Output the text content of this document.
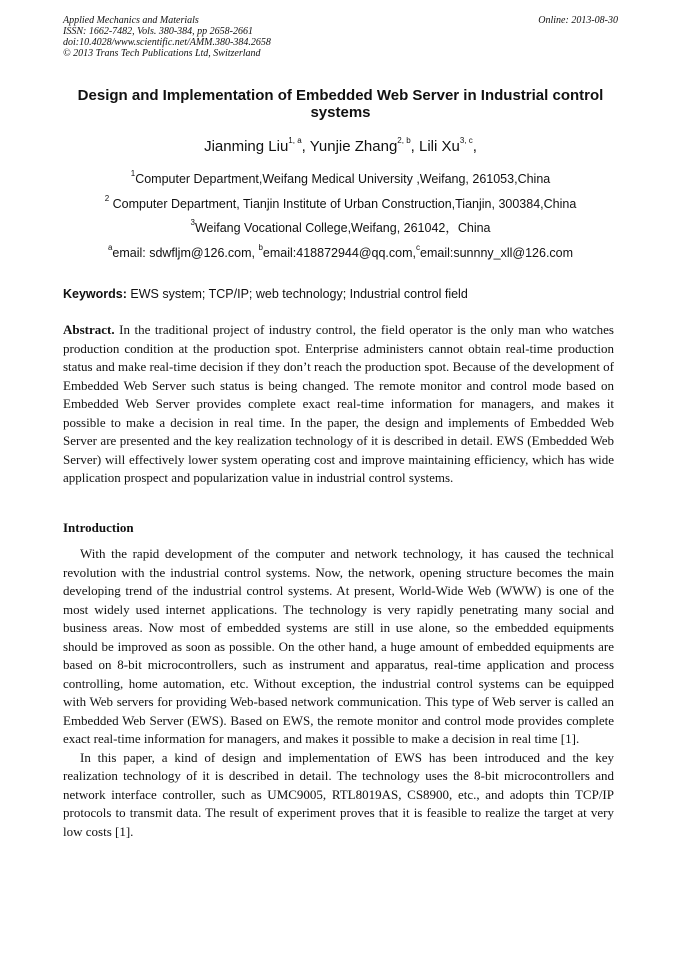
Applied Mechanics and Materials
ISSN: 1662-7482, Vols. 380-384, pp 2658-2661
doi:10.4028/www.scientific.net/AMM.380-384.2658
© 2013 Trans Tech Publications Ltd, Switzerland
Online: 2013-08-30
Design and Implementation of Embedded Web Server in Industrial control systems
Jianming Liu$^{1, a}$, Yunjie Zhang$^{2, b}$, Lili Xu$^{3, c}$,
$^1$Computer Department,Weifang Medical University ,Weifang, 261053,China
$^2$ Computer Department, Tianjin Institute of Urban Construction,Tianjin, 300384,China
$^3$Weifang Vocational College,Weifang, 261042，China
$^a$email: sdwfljm@126.com, $^b$email:418872944@qq.com,$^c$email:sunnny_xll@126.com
Keywords: EWS system; TCP/IP; web technology; Industrial control field
Abstract. In the traditional project of industry control, the field operator is the only man who watches production condition at the production spot. Enterprise administers cannot obtain real-time production status and make real-time decision if they don’t reach the production spot. Because of the development of Embedded Web Server such status is being changed. The remote monitor and control mode based on Embedded Web Server provides complete exact real-time information for managers, and makes it possible to make a decision in real time. In the paper, the design and implements of Embedded Web Server are presented and the key realization technology of it is described in detail. EWS (Embedded Web Server) will effectively lower system operating cost and improve maintaining efficiency, which has wide application prospect and popularization value in industrial control systems.
Introduction

With the rapid development of the computer and network technology, it has caused the technical revolution with the industrial control systems. Now, the network, opening structure becomes the main developing trend of the industrial control systems. At present, World-Wide Web (WWW) is one of the most widely used internet applications. The technology is very rapidly penetrating many social and business areas. Now most of embedded systems are still in use alone, so the embedded equipments should be improved as soon as possible. On the other hand, a huge amount of embedded equipments are based on 8-bit microcontrollers, such as instrument and apparatus, real-time application and process controlling, home automation, etc. Without exception, the industrial control systems can be equipped with Web servers for providing Web-based network communication. This type of Web server is called an Embedded Web Server (EWS). Based on EWS, the remote monitor and control mode provides complete exact real-time information for managers, and makes it possible to make a decision in real time [1].

In this paper, a kind of design and implementation of EWS has been introduced and the key realization technology of it is described in detail. The technology uses the 8-bit microcontrollers and network interface controller, such as UMC9005, RTL8019AS, CS8900, etc., and adopts thin TCP/IP protocols to transmit data. The result of experiment proves that it is feasible to realize the target at very low costs [1].
